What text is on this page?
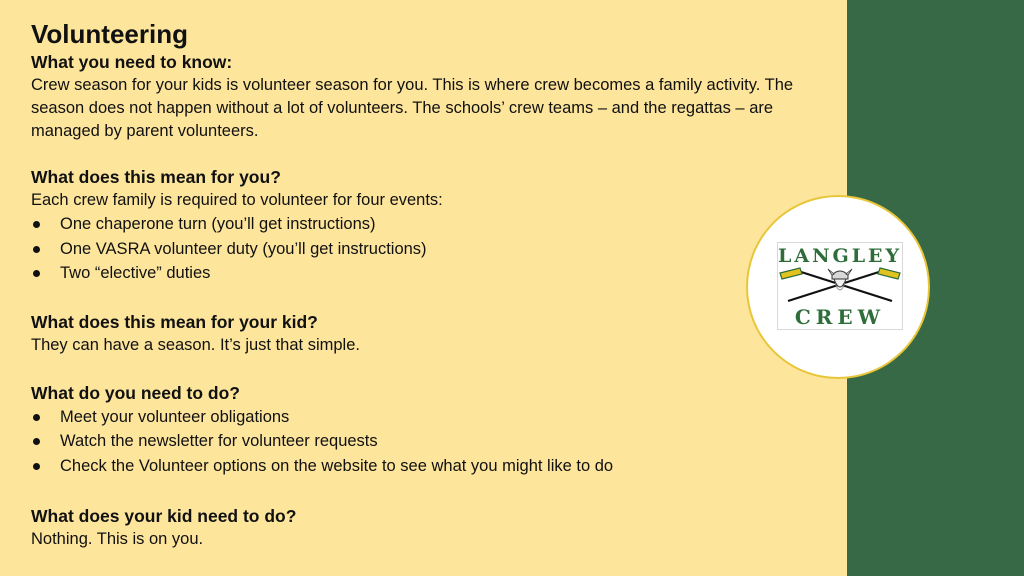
Volunteering
What you need to know:
Crew season for your kids is volunteer season for you. This is where crew becomes a family activity. The season does not happen without a lot of volunteers. The schools’ crew teams – and the regattas – are managed by parent volunteers.
What does this mean for you?
Each crew family is required to volunteer for four events:
One chaperone turn (you’ll get instructions)
One VASRA volunteer duty (you’ll get instructions)
Two “elective” duties
What does this mean for your kid?
They can have a season. It’s just that simple.
What do you need to do?
Meet your volunteer obligations
Watch the newsletter for volunteer requests
Check the Volunteer options on the website to see what you might like to do
What does your kid need to do?
Nothing. This is on you.
LANGLEY
CREW
